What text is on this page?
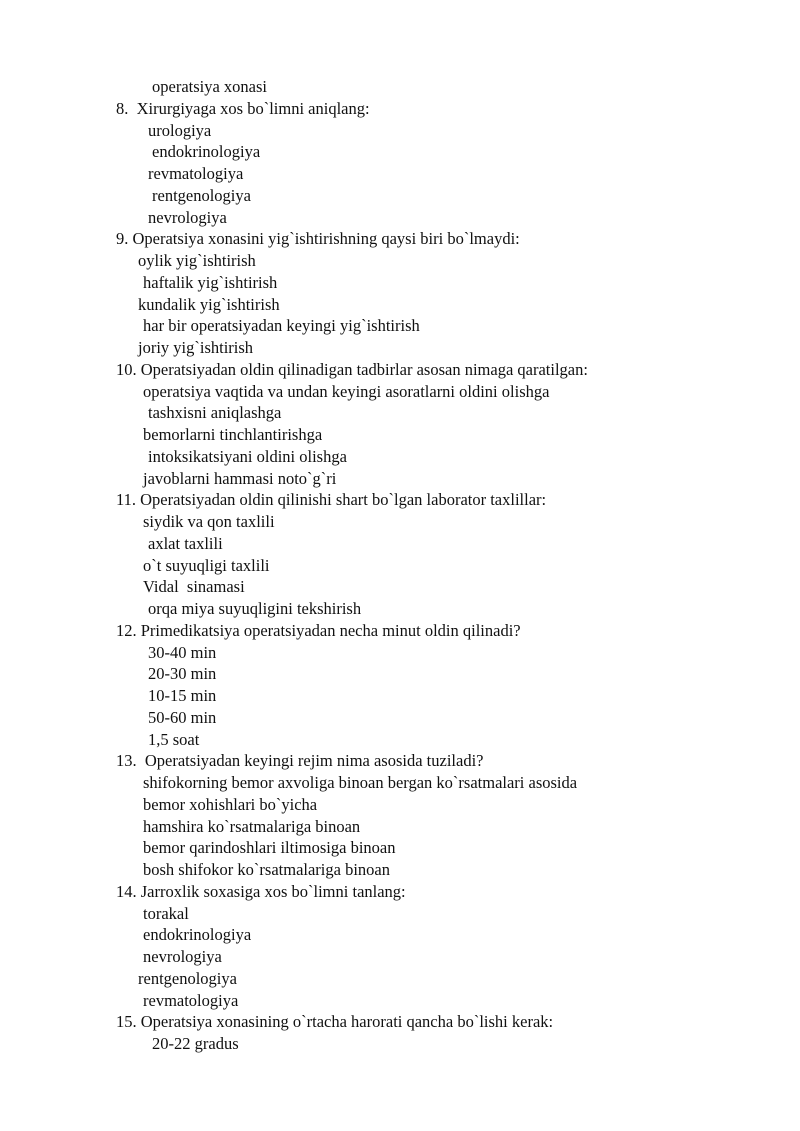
operatsiya xonasi
8.  Xirurgiyaga xos bo`limni aniqlang:
urologiya
endokrinologiya
revmatologiya
rentgenologiya
nevrologiya
9. Operatsiya xonasini yig`ishtirishning qaysi biri bo`lmaydi:
oylik yig`ishtirish
haftalik yig`ishtirish
kundalik yig`ishtirish
har bir operatsiyadan keyingi yig`ishtirish
joriy yig`ishtirish
10. Operatsiyadan oldin qilinadigan tadbirlar asosan nimaga qaratilgan:
operatsiya vaqtida va undan keyingi asoratlarni oldini olishga
tashxisni aniqlashga
bemorlarni tinchlantirishga
intoksikatsiyani oldini olishga
javoblarni hammasi noto`g`ri
11. Operatsiyadan oldin qilinishi shart bo`lgan laborator taxlillar:
siydik va qon taxlili
axlat taxlili
o`t suyuqligi taxlili
Vidal  sinamasi
orqa miya suyuqligini tekshirish
12. Primedikatsiya operatsiyadan necha minut oldin qilinadi?
30-40 min
20-30 min
10-15 min
50-60 min
1,5 soat
13.  Operatsiyadan keyingi rejim nima asosida tuziladi?
shifokorning bemor axvoliga binoan bergan ko`rsatmalari asosida
bemor xohishlari bo`yicha
hamshira ko`rsatmalariga binoan
bemor qarindoshlari iltimosiga binoan
bosh shifokor ko`rsatmalariga binoan
14. Jarroxlik soxasiga xos bo`limni tanlang:
torakal
endokrinologiya
nevrologiya
rentgenologiya
revmatologiya
15. Operatsiya xonasining o`rtacha harorati qancha bo`lishi kerak:
20-22 gradus
